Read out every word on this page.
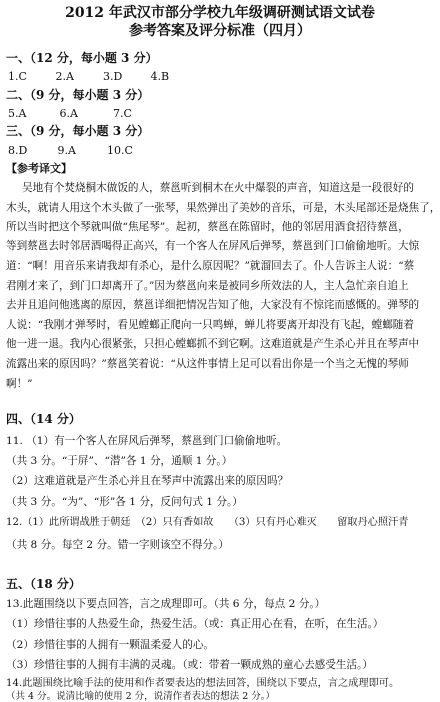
2012 年武汉市部分学校九年级调研测试语文试卷
参考答案及评分标准（四月）
一、（12 分，每小题 3 分）
1.C	2.A	3.D	4.B
二、（9 分，每小题 3 分）
5.A	6.A	7.C
三、（9 分，每小题 3 分）
8.D	9.A	10.C
【参考译文】
吴地有个焚烧桐木做饭的人，蔡邕听到桐木在火中爆裂的声音，知道这是一段很好的
木头，就请人用这个木头做了一张琴，果然弹出了美妙的音乐，可是，木头尾部还是烧焦了，
所以当时把这个琴就叫做“焦尾琴”。起初，蔡邕在陈留时，他的邻居用酒食招待蔡邕，
等到蔡邕去时邻居酒喝得正高兴，有一个客人在屏风后弹琴，蔡邕到门口偷偷地听。大惊
道：“啊！用音乐来请我却有杀心，是什么原因呢？”就溜回去了。仆人告诉主人说：“蔡
君刚才来了，到门口却离开了。”因为蔡邕向来是被同乡所效法的人，主人急忙亲自追上
去并且追问他逃离的原因，蔡邕详细把情况告知了他，大家没有不惊诧而感慨的。弹琴的
人说：“我刚才弹琴时，看见螳螂正爬向一只鸣蝉，蝉儿将要离开却没有飞起，螳螂随着
他一进一退。我内心很紧张，只担心螳螂抓不到它啊。这难道就是产生杀心并且在琴声中
流露出来的原因吗？”蔡邕笑着说：“从这件事情上足可以看出你是一个当之无愧的琴师
啊！”
四、（14 分）
11. （1）有一个客人在屏风后弹琴，蔡邕到门口偷偷地听。
（共 3 分。“于屏”、“潜”各 1 分，通顺 1 分。）
（2）这难道就是产生杀心并且在琴声中流露出来的原因吗？
（共 3 分。“为”、“形”各 1 分，反问句式 1 分。）
12.（1）此所谓战胜于朝廷　（2）只有香如故　　（3）只有丹心难灭　　留取丹心照汗青
（共 8 分。每空 2 分。错一字则该空不得分。）
五、（18 分）
13.此题围绕以下要点回答，言之成理即可。（共 6 分，每点 2 分。）
（1）珍惜往事的人热爱生命，热爱生活。（或：真正用心在看，在听，在生活。）
（2）珍惜往事的人拥有一颗温柔爱人的心。
（3）珍惜往事的人拥有丰满的灵魂。（或：带着一颗成熟的童心去感受生活。）
14.此题围绕比喻手法的使用和作者要表达的想法回答，围绕以下要点，言之成理即可。
（共 4 分。说清比喻的使用 2 分，说清作者表达的想法 2 分。）
